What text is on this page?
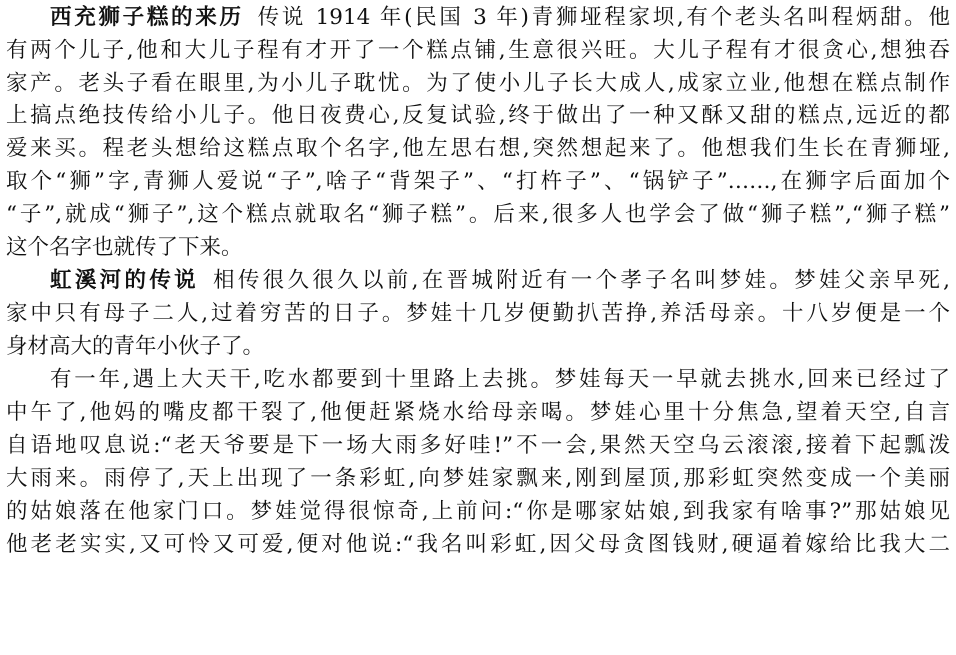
西充狮子糕的来历 传说 1914 年(民国 3 年)青狮垭程家坝,有个老头名叫程炳甜。他
有两个儿子,他和大儿子程有才开了一个糕点铺,生意很兴旺。大儿子程有才很贪心,想独吞
家产。老头子看在眼里,为小儿子耽忧。为了使小儿子长大成人,成家立业,他想在糕点制作
上搞点绝技传给小儿子。他日夜费心,反复试验,终于做出了一种又酥又甜的糕点,远近的都
爱来买。程老头想给这糕点取个名字,他左思右想,突然想起来了。他想我们生长在青狮垭,
取个“狮”字,青狮人爱说“子”,啥子“背架子”、“打杵子”、“锅铲子”……,在狮字后面加个
“子”,就成“狮子”,这个糕点就取名“狮子糕”。后来,很多人也学会了做“狮子糕”,“狮子糕”
这个名字也就传了下来。
虹溪河的传说 相传很久很久以前,在晋城附近有一个孝子名叫梦娃。梦娃父亲早死,
家中只有母子二人,过着穷苦的日子。梦娃十几岁便勤扒苦挣,养活母亲。十八岁便是一个
身材高大的青年小伙子了。
有一年,遇上大天干,吃水都要到十里路上去挑。梦娃每天一早就去挑水,回来已经过了
中午了,他妈的嘴皮都干裂了,他便赶紧烧水给母亲喝。梦娃心里十分焦急,望着天空,自言
自语地叹息说:“老天爷要是下一场大雨多好哇!”不一会,果然天空乌云滚滚,接着下起瓢泼
大雨来。雨停了,天上出现了一条彩虹,向梦娃家飘来,刚到屋顶,那彩虹突然变成一个美丽
的姑娘落在他家门口。梦娃觉得很惊奇,上前问:“你是哪家姑娘,到我家有啥事?”那姑娘见
他老老实实,又可怜又可爱,便对他说:“我名叫彩虹,因父母贪图钱财,硬逼着嫁给比我大二
